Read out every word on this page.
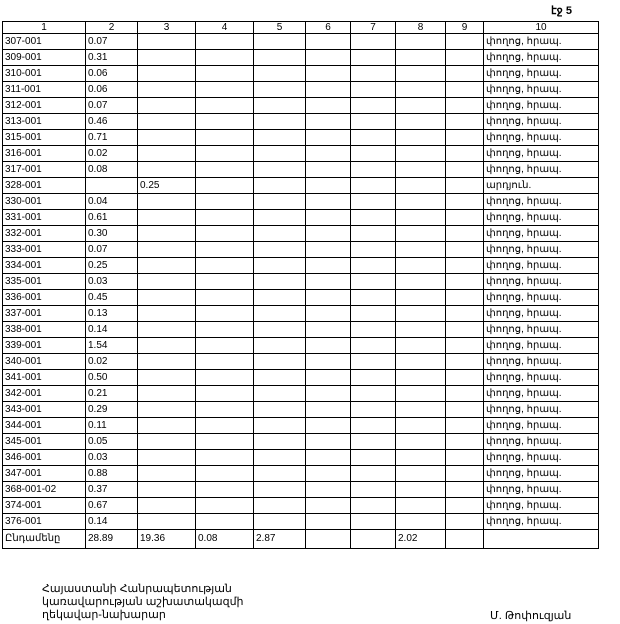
էջ 5
1	2	3	4	5	6	7	8	9	10
307-001	0.07								փողոց, հրապ.
309-001	0.31								փողոց, հրապ.
310-001	0.06								փողոց, հրապ.
311-001	0.06								փողոց, հրապ.
312-001	0.07								փողոց, հրապ.
313-001	0.46								փողոց, հրապ.
315-001	0.71								փողոց, հրապ.
316-001	0.02								փողոց, հրապ.
317-001	0.08								փողոց, հրապ.
328-001		0.25							արդյուն.
330-001	0.04								փողոց, հրապ.
331-001	0.61								փողոց, հրապ.
332-001	0.30								փողոց, հրապ.
333-001	0.07								փողոց, հրապ.
334-001	0.25								փողոց, հրապ.
335-001	0.03								փողոց, հրապ.
336-001	0.45								փողոց, հրապ.
337-001	0.13								փողոց, հրապ.
338-001	0.14								փողոց, հրապ.
339-001	1.54								փողոց, հրապ.
340-001	0.02								փողոց, հրապ.
341-001	0.50								փողոց, հրապ.
342-001	0.21								փողոց, հրապ.
343-001	0.29								փողոց, հրապ.
344-001	0.11								փողոց, հրապ.
345-001	0.05								փողոց, հրապ.
346-001	0.03								փողոց, հրապ.
347-001	0.88								փողոց, հրապ.
368-001-02	0.37								փողոց, հրապ.
374-001	0.67								փողոց, հրապ.
376-001	0.14								փողոց, հրապ.
Ընդամենը	28.89	19.36	0.08	2.87			2.02		
Հայաստանի Հանրապետության
կառավարության աշխատակազմի
ղեկավար-նախարար	Մ. Թոփուզյան
